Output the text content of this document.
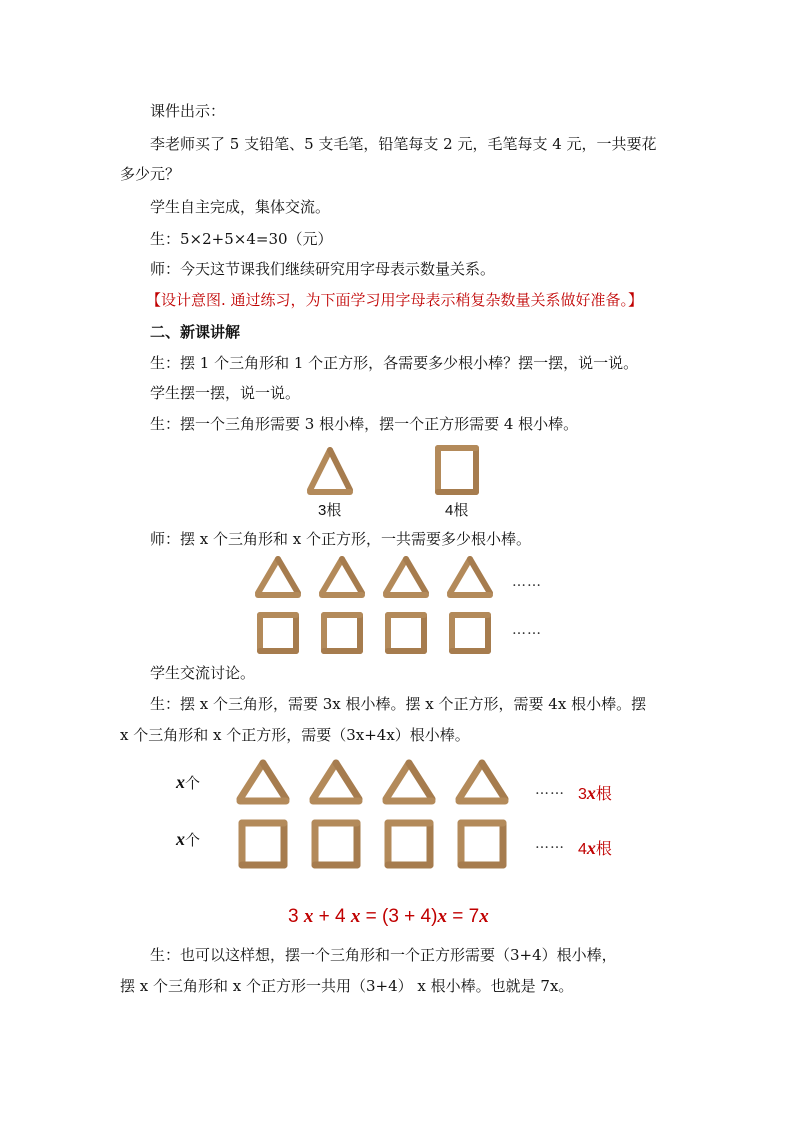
课件出示：
李老师买了 5 支铅笔、5 支毛笔，铅笔每支 2 元，毛笔每支 4 元，一共要花
多少元？
学生自主完成，集体交流。
生：5×2+5×4=30（元）
师：今天这节课我们继续研究用字母表示数量关系。
【设计意图. 通过练习，为下面学习用字母表示稍复杂数量关系做好准备。】
二、新课讲解
生：摆 1 个三角形和 1 个正方形，各需要多少根小棒？摆一摆，说一说。
学生摆一摆，说一说。
生：摆一个三角形需要 3 根小棒，摆一个正方形需要 4 根小棒。
3根	4根
师：摆 x 个三角形和 x 个正方形，一共需要多少根小棒。
……
……
学生交流讨论。
生：摆 x 个三角形，需要 3x 根小棒。摆 x 个正方形，需要 4x 根小棒。摆
x 个三角形和 x 个正方形，需要（3x+4x）根小棒。
x个
x个
……
……
3x根
4x根
3 x + 4 x = (3 + 4)x = 7x
生：也可以这样想，摆一个三角形和一个正方形需要（3+4）根小棒，
摆 x 个三角形和 x 个正方形一共用（3+4） x 根小棒。也就是 7x。
